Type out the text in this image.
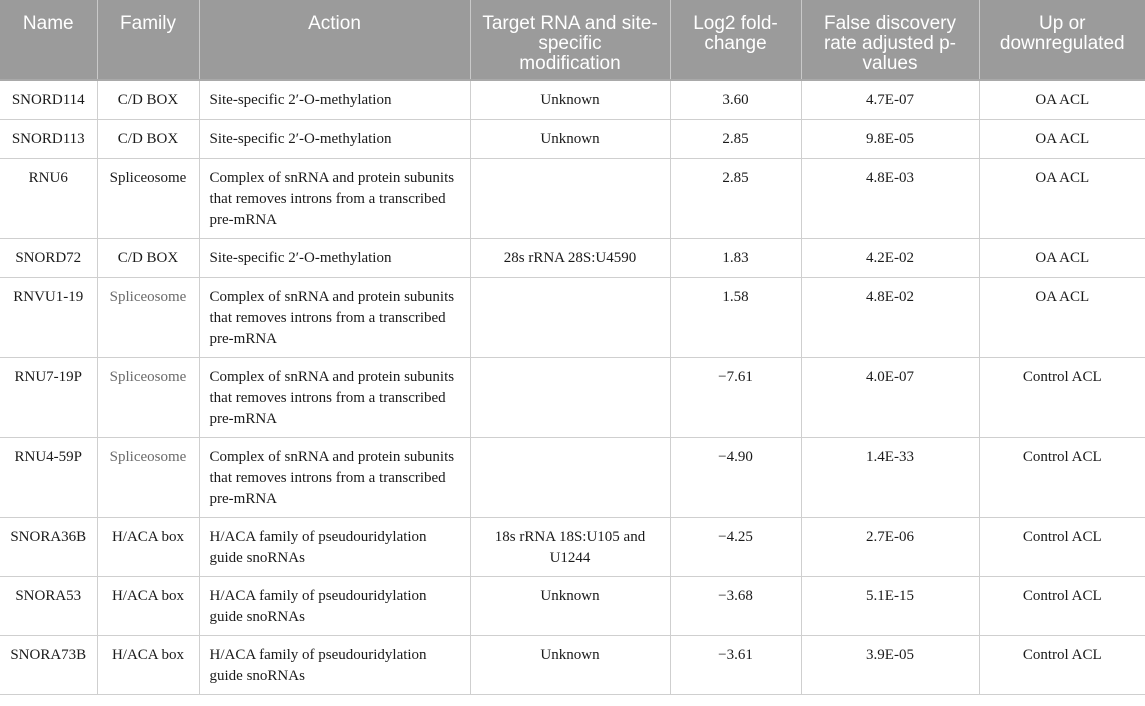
Name	Family	Action	Target RNA and site-
specific
modification	Log2 fold-
change	False discovery
rate adjusted p-
values	Up or
downregulated
SNORD114	C/D BOX	Site-specific 2′-O-methylation	Unknown	3.60	4.7E-07	OA ACL
SNORD113	C/D BOX	Site-specific 2′-O-methylation	Unknown	2.85	9.8E-05	OA ACL
RNU6	Spliceosome	Complex of snRNA and protein subunits that removes introns from a transcribed pre-mRNA		2.85	4.8E-03	OA ACL
SNORD72	C/D BOX	Site-specific 2′-O-methylation	28s rRNA 28S:U4590	1.83	4.2E-02	OA ACL
RNVU1-19	Spliceosome	Complex of snRNA and protein subunits that removes introns from a transcribed pre-mRNA		1.58	4.8E-02	OA ACL
RNU7-19P	Spliceosome	Complex of snRNA and protein subunits that removes introns from a transcribed pre-mRNA		−7.61	4.0E-07	Control ACL
RNU4-59P	Spliceosome	Complex of snRNA and protein subunits that removes introns from a transcribed pre-mRNA		−4.90	1.4E-33	Control ACL
SNORA36B	H/ACA box	H/ACA family of pseudouridylation guide snoRNAs	18s rRNA 18S:U105 and U1244	−4.25	2.7E-06	Control ACL
SNORA53	H/ACA box	H/ACA family of pseudouridylation guide snoRNAs	Unknown	−3.68	5.1E-15	Control ACL
SNORA73B	H/ACA box	H/ACA family of pseudouridylation guide snoRNAs	Unknown	−3.61	3.9E-05	Control ACL
